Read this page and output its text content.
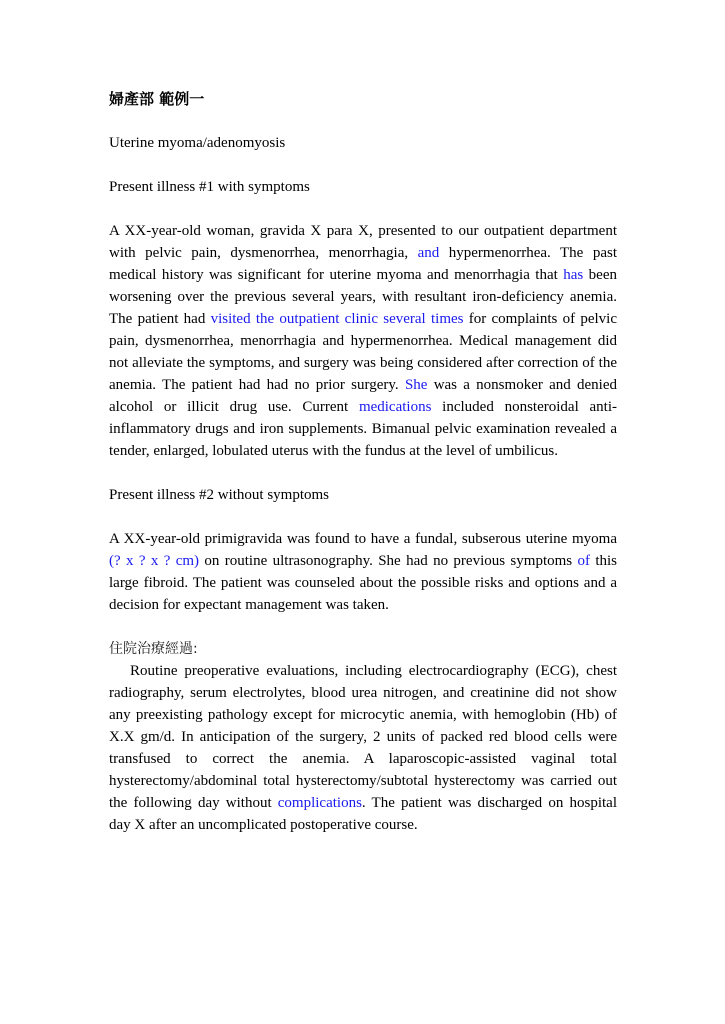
婦產部 範例一

Uterine myoma/adenomyosis

Present illness #1 with symptoms

A XX-year-old woman, gravida X para X, presented to our outpatient department with pelvic pain, dysmenorrhea, menorrhagia, and hypermenorrhea. The past medical history was significant for uterine myoma and menorrhagia that has been worsening over the previous several years, with resultant iron-deficiency anemia. The patient had visited the outpatient clinic several times for complaints of pelvic pain, dysmenorrhea, menorrhagia and hypermenorrhea. Medical management did not alleviate the symptoms, and surgery was being considered after correction of the anemia. The patient had had no prior surgery. She was a nonsmoker and denied alcohol or illicit drug use. Current medications included nonsteroidal anti-inflammatory drugs and iron supplements. Bimanual pelvic examination revealed a tender, enlarged, lobulated uterus with the fundus at the level of umbilicus.

Present illness #2 without symptoms

A XX-year-old primigravida was found to have a fundal, subserous uterine myoma (? x ? x ? cm) on routine ultrasonography. She had no previous symptoms of this large fibroid. The patient was counseled about the possible risks and options and a decision for expectant management was taken.

住院治療經過:

Routine preoperative evaluations, including electrocardiography (ECG), chest radiography, serum electrolytes, blood urea nitrogen, and creatinine did not show any preexisting pathology except for microcytic anemia, with hemoglobin (Hb) of X.X gm/d. In anticipation of the surgery, 2 units of packed red blood cells were transfused to correct the anemia. A laparoscopic-assisted vaginal total hysterectomy/abdominal total hysterectomy/subtotal hysterectomy was carried out the following day without complications. The patient was discharged on hospital day X after an uncomplicated postoperative course.
